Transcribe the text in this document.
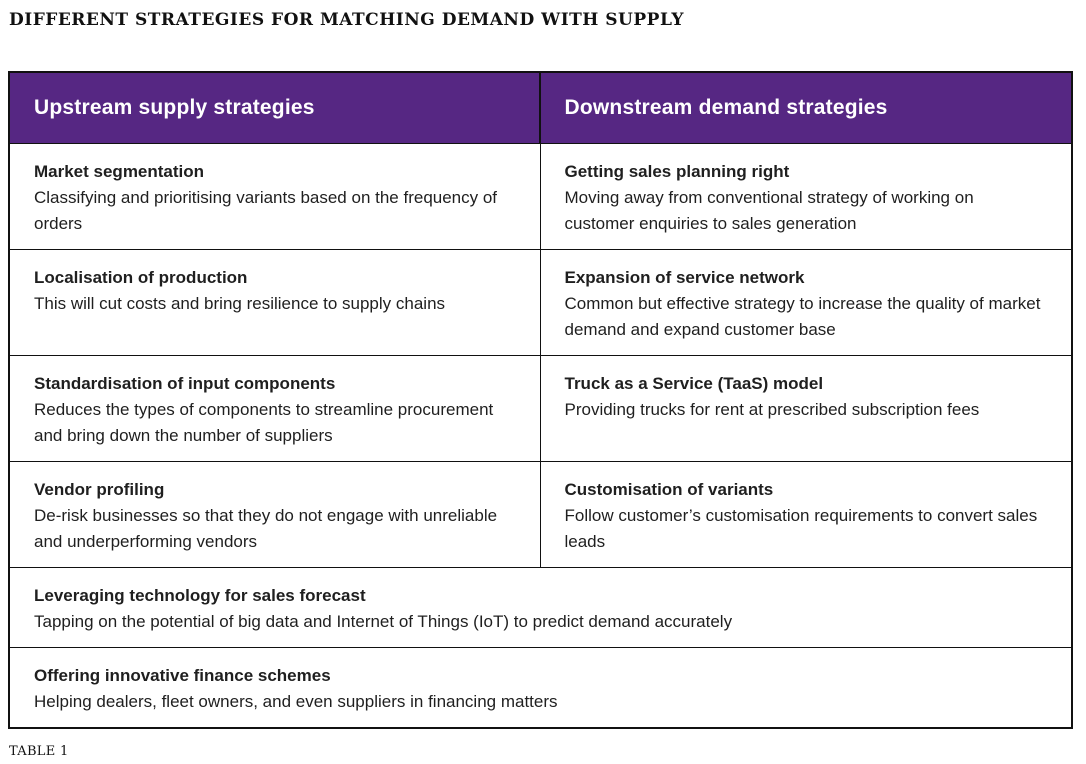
DIFFERENT STRATEGIES FOR MATCHING DEMAND WITH SUPPLY
Upstream supply strategies	Downstream demand strategies

Market segmentation

Classifying and prioritising variants based on the frequency of orders

Getting sales planning right

Moving away from conventional strategy of working on customer enquiries to sales generation

Localisation of production

This will cut costs and bring resilience to supply chains

Expansion of service network

Common but effective strategy to increase the quality of market demand and expand customer base

Standardisation of input components

Reduces the types of components to streamline procurement and bring down the number of suppliers

Truck as a Service (TaaS) model

Providing trucks for rent at prescribed subscription fees

Vendor profiling

De-risk businesses so that they do not engage with unreliable and underperforming vendors

Customisation of variants

Follow customer’s customisation requirements to convert sales leads

Leveraging technology for sales forecast

Tapping on the potential of big data and Internet of Things (IoT) to predict demand accurately

Offering innovative finance schemes

Helping dealers, fleet owners, and even suppliers in financing matters

TABLE 1
